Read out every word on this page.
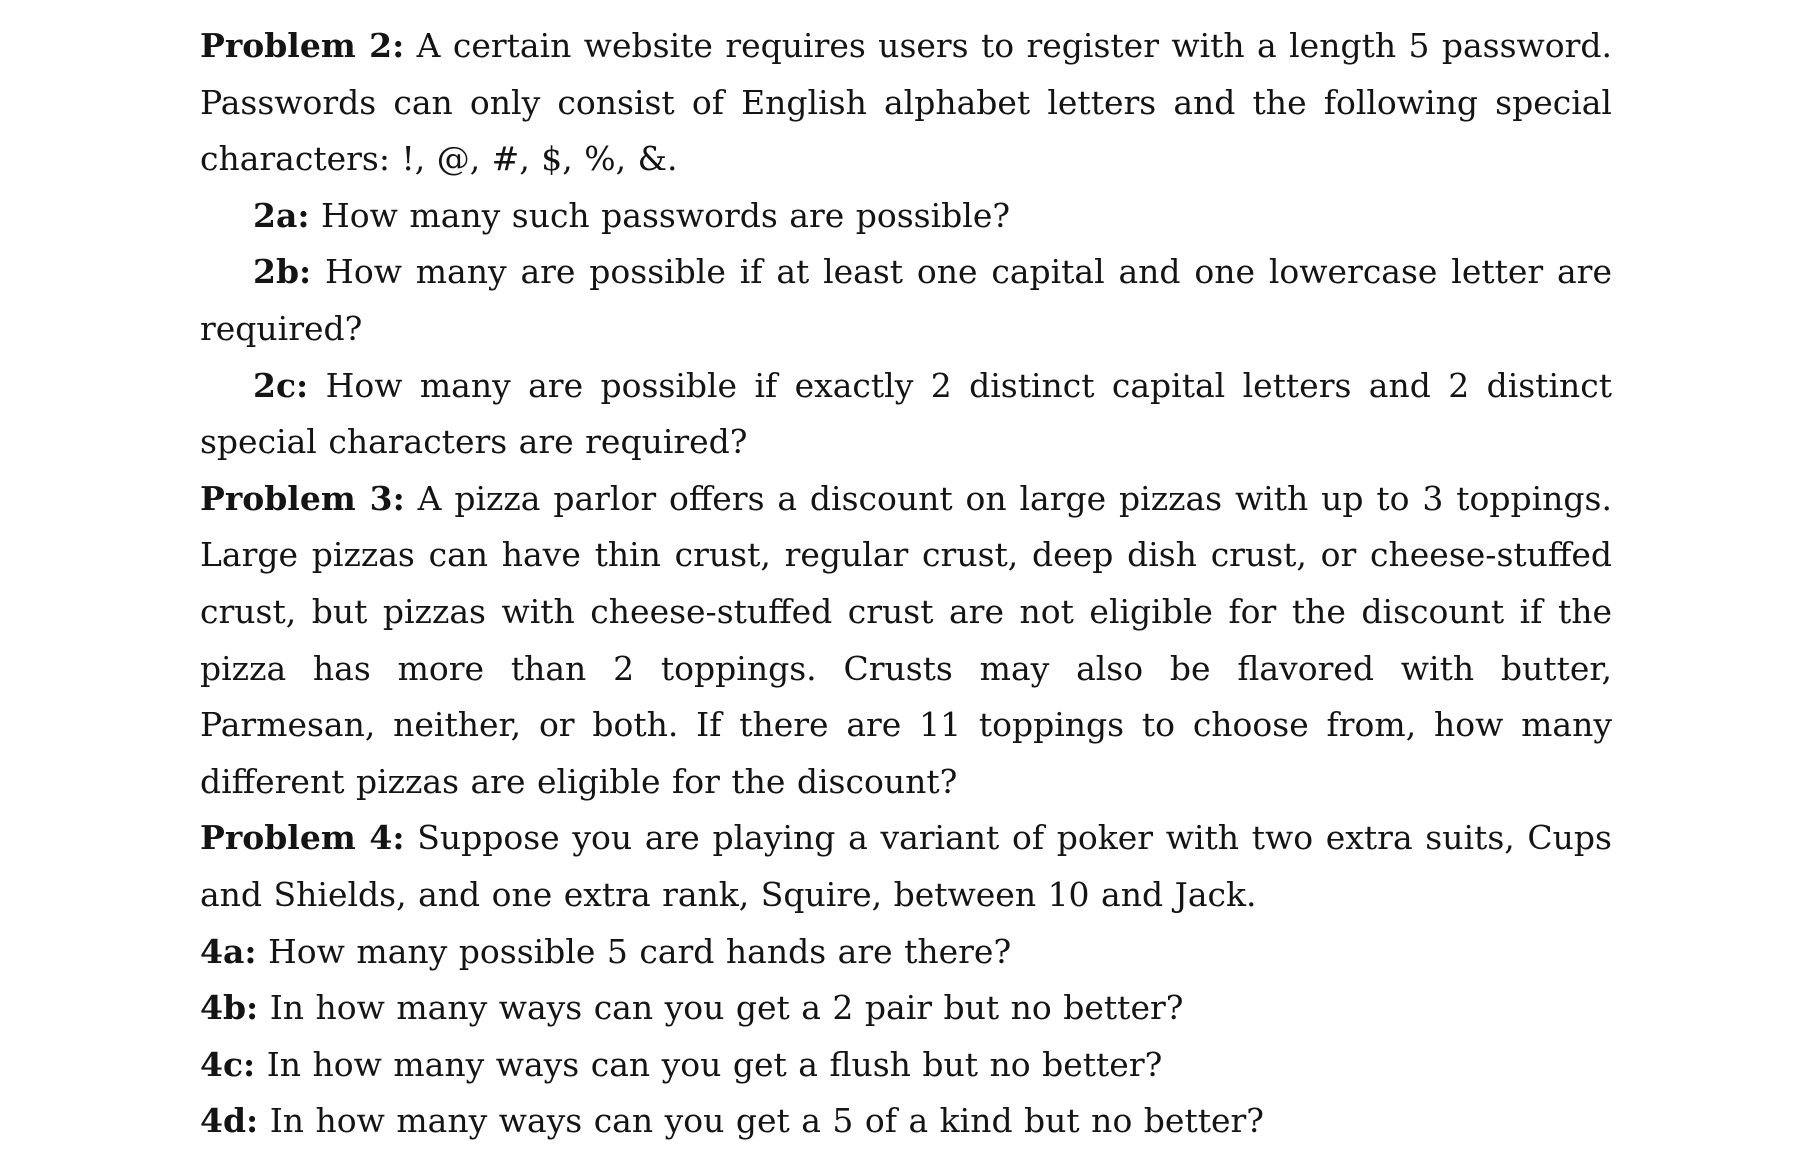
Problem 2: A certain website requires users to register with a length 5 password. Passwords can only consist of English alphabet letters and the following special characters: !, @, #, $, %, &.

2a: How many such passwords are possible?

2b: How many are possible if at least one capital and one lowercase letter are required?

2c: How many are possible if exactly 2 distinct capital letters and 2 distinct special characters are required?

Problem 3: A pizza parlor offers a discount on large pizzas with up to 3 toppings. Large pizzas can have thin crust, regular crust, deep dish crust, or cheese-stuffed crust, but pizzas with cheese-stuffed crust are not eligible for the discount if the pizza has more than 2 toppings. Crusts may also be flavored with butter, Parmesan, neither, or both. If there are 11 toppings to choose from, how many different pizzas are eligible for the discount?

Problem 4: Suppose you are playing a variant of poker with two extra suits, Cups and Shields, and one extra rank, Squire, between 10 and Jack.

4a: How many possible 5 card hands are there?

4b: In how many ways can you get a 2 pair but no better?

4c: In how many ways can you get a flush but no better?

4d: In how many ways can you get a 5 of a kind but no better?
